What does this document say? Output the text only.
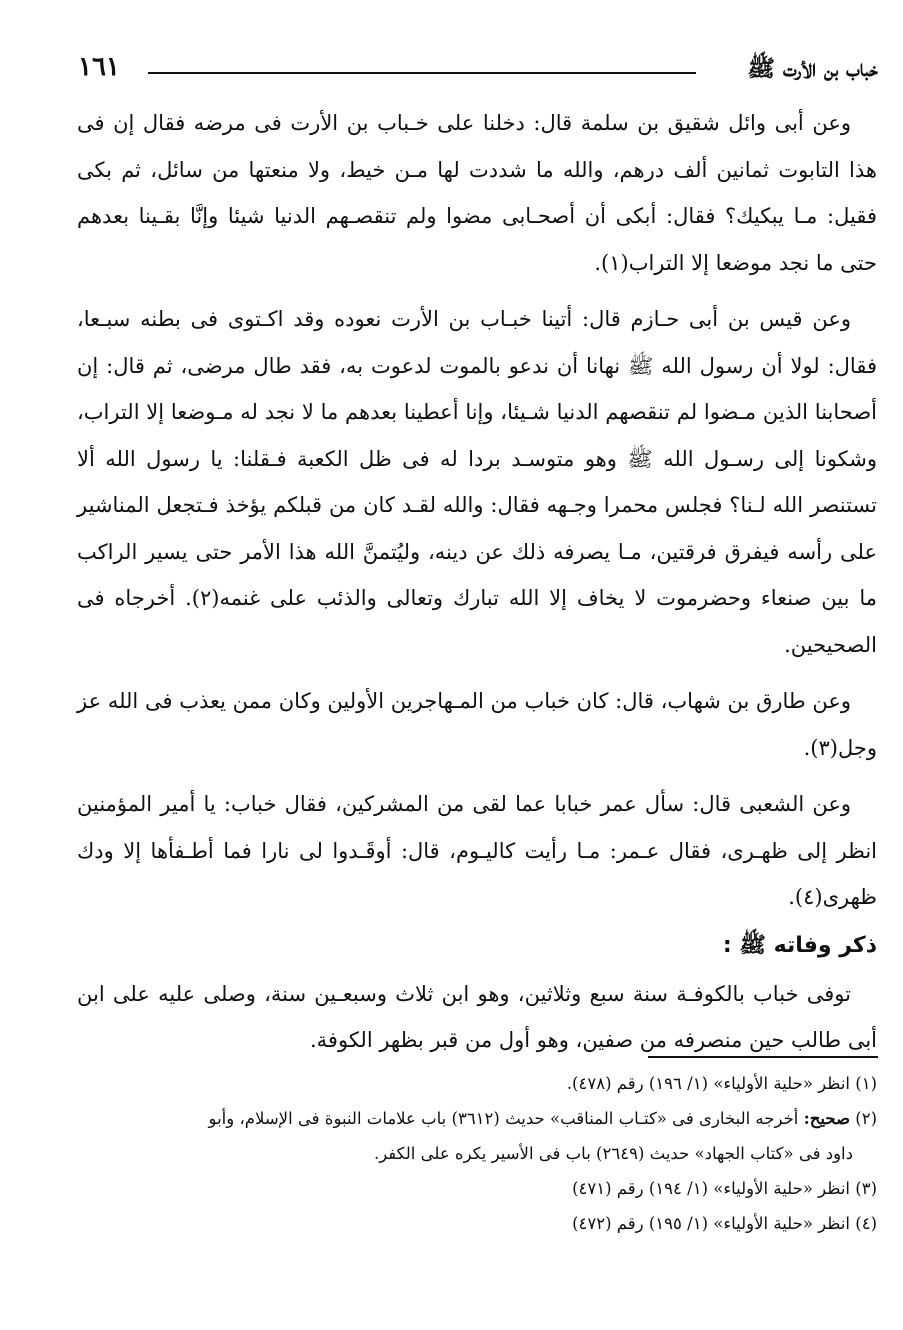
خباب بن الأرت ﷺ
١٦١

وعن أبى وائل شقيق بن سلمة قال: دخلنا على خـباب بن الأرت فى مرضه فقال إن فى هذا التابوت ثمانين ألف درهم، والله ما شددت لها مـن خيط، ولا منعتها من سائل، ثم بكى فقيل: مـا يبكيك؟ فقال: أبكى أن أصحـابى مضوا ولم تنقصـهم الدنيا شيئا وإنَّا بقـينا بعدهم حتى ما نجد موضعا إلا التراب(١).

وعن قيس بن أبى حـازم قال: أتينا خبـاب بن الأرت نعوده وقد اكـتوى فى بطنه سبـعا، فقال: لولا أن رسول الله ﷺ نهانا أن ندعو بالموت لدعوت به، فقد طال مرضى، ثم قال: إن أصحابنا الذين مـضوا لم تنقصهم الدنيا شـيئا، وإنا أعطينا بعدهم ما لا نجد له مـوضعا إلا التراب، وشكونا إلى رسـول الله ﷺ وهو متوسـد بردا له فى ظل الكعبة فـقلنا: يا رسول الله ألا تستنصر الله لـنا؟ فجلس محمرا وجـهه فقال: والله لقـد كان من قبلكم يؤخذ فـتجعل المناشير على رأسه فيفرق فرقتين، مـا يصرفه ذلك عن دينه، وليُتمنَّ الله هذا الأمر حتى يسير الراكب ما بين صنعاء وحضرموت لا يخاف إلا الله تبارك وتعالى والذئب على غنمه(٢). أخرجاه فى الصحيحين.

وعن طارق بن شهاب، قال: كان خباب من المـهاجرين الأولين وكان ممن يعذب فى الله عز وجل(٣).

وعن الشعبى قال: سأل عمر خبابا عما لقى من المشركين، فقال خباب: يا أمير المؤمنين انظر إلى ظهـرى، فقال عـمر: مـا رأيت كاليـوم، قال: أوقَـدوا لى نارا فما أطـفأها إلا ودك ظهرى(٤).

ذكر وفاته ﷺ :

توفى خباب بالكوفـة سنة سبع وثلاثين، وهو ابن ثلاث وسبعـين سنة، وصلى عليه على ابن أبى طالب حين منصرفه من صفين، وهو أول من قبر بظهر الكوفة.

(١) انظر «حلية الأولياء» (١/ ١٩٦) رقم (٤٧٨).

(٢) صحيح: أخرجه البخارى فى «كتـاب المناقب» حديث (٣٦١٢) باب علامات النبوة فى الإسلام، وأبو

داود فى «كتاب الجهاد» حديث (٢٦٤٩) باب فى الأسير يكره على الكفر.

(٣) انظر «حلية الأولياء» (١/ ١٩٤) رقم (٤٧١)

(٤) انظر «حلية الأولياء» (١/ ١٩٥) رقم (٤٧٢)
